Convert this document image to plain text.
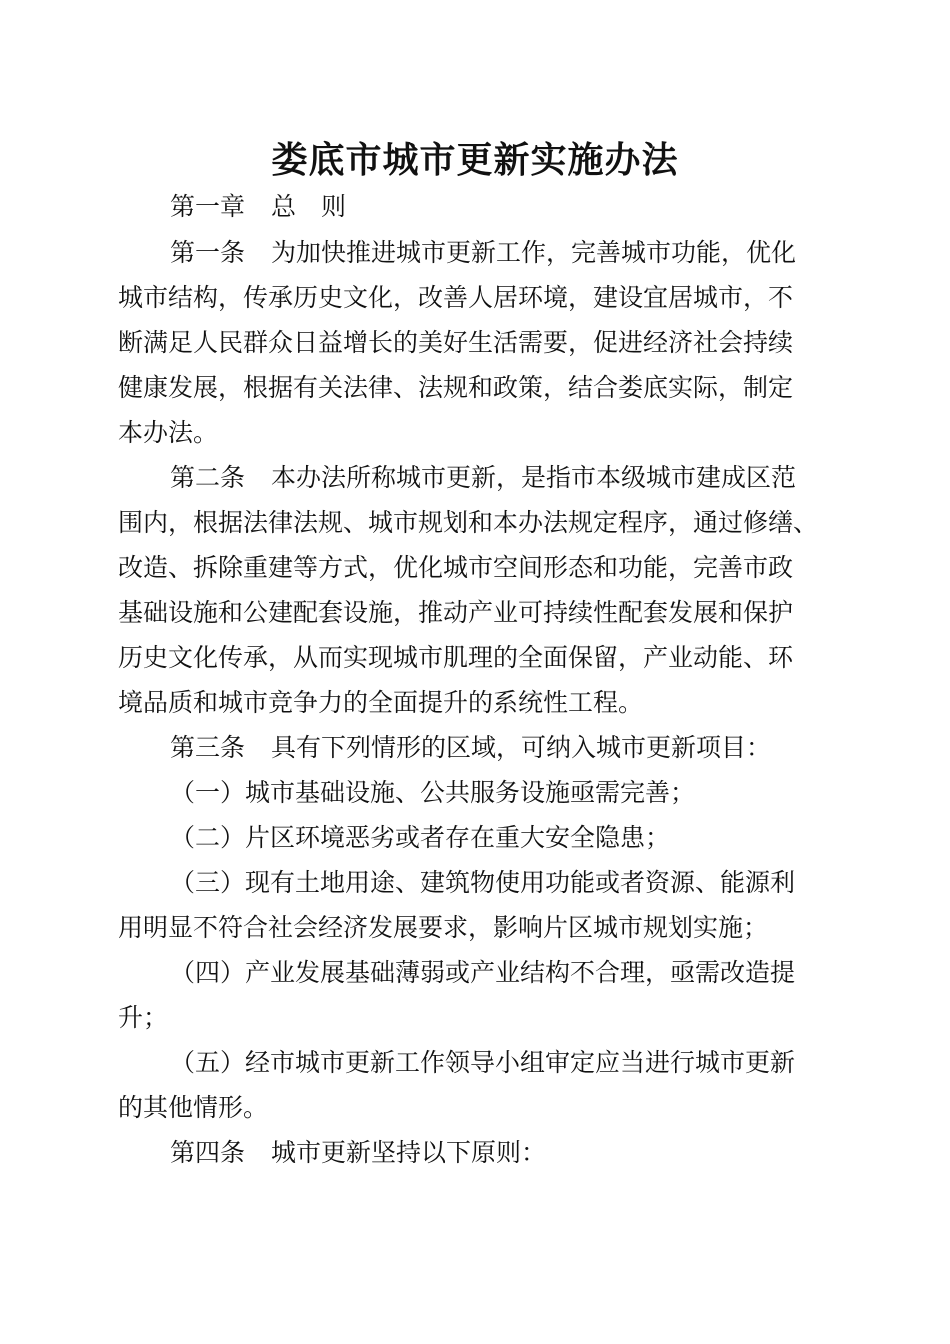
娄底市城市更新实施办法
第一章 总　则
第一条 为加快推进城市更新工作，完善城市功能，优化
城市结构，传承历史文化，改善人居环境，建设宜居城市，不
断满足人民群众日益增长的美好生活需要，促进经济社会持续
健康发展，根据有关法律、法规和政策，结合娄底实际，制定
本办法。
第二条 本办法所称城市更新，是指市本级城市建成区范
围内，根据法律法规、城市规划和本办法规定程序，通过修缮、
改造、拆除重建等方式，优化城市空间形态和功能，完善市政
基础设施和公建配套设施，推动产业可持续性配套发展和保护
历史文化传承，从而实现城市肌理的全面保留，产业动能、环
境品质和城市竞争力的全面提升的系统性工程。
第三条 具有下列情形的区域，可纳入城市更新项目：
（一）城市基础设施、公共服务设施亟需完善；
（二）片区环境恶劣或者存在重大安全隐患；
（三）现有土地用途、建筑物使用功能或者资源、能源利
用明显不符合社会经济发展要求，影响片区城市规划实施；
（四）产业发展基础薄弱或产业结构不合理，亟需改造提
升；
（五）经市城市更新工作领导小组审定应当进行城市更新
的其他情形。
第四条 城市更新坚持以下原则：
